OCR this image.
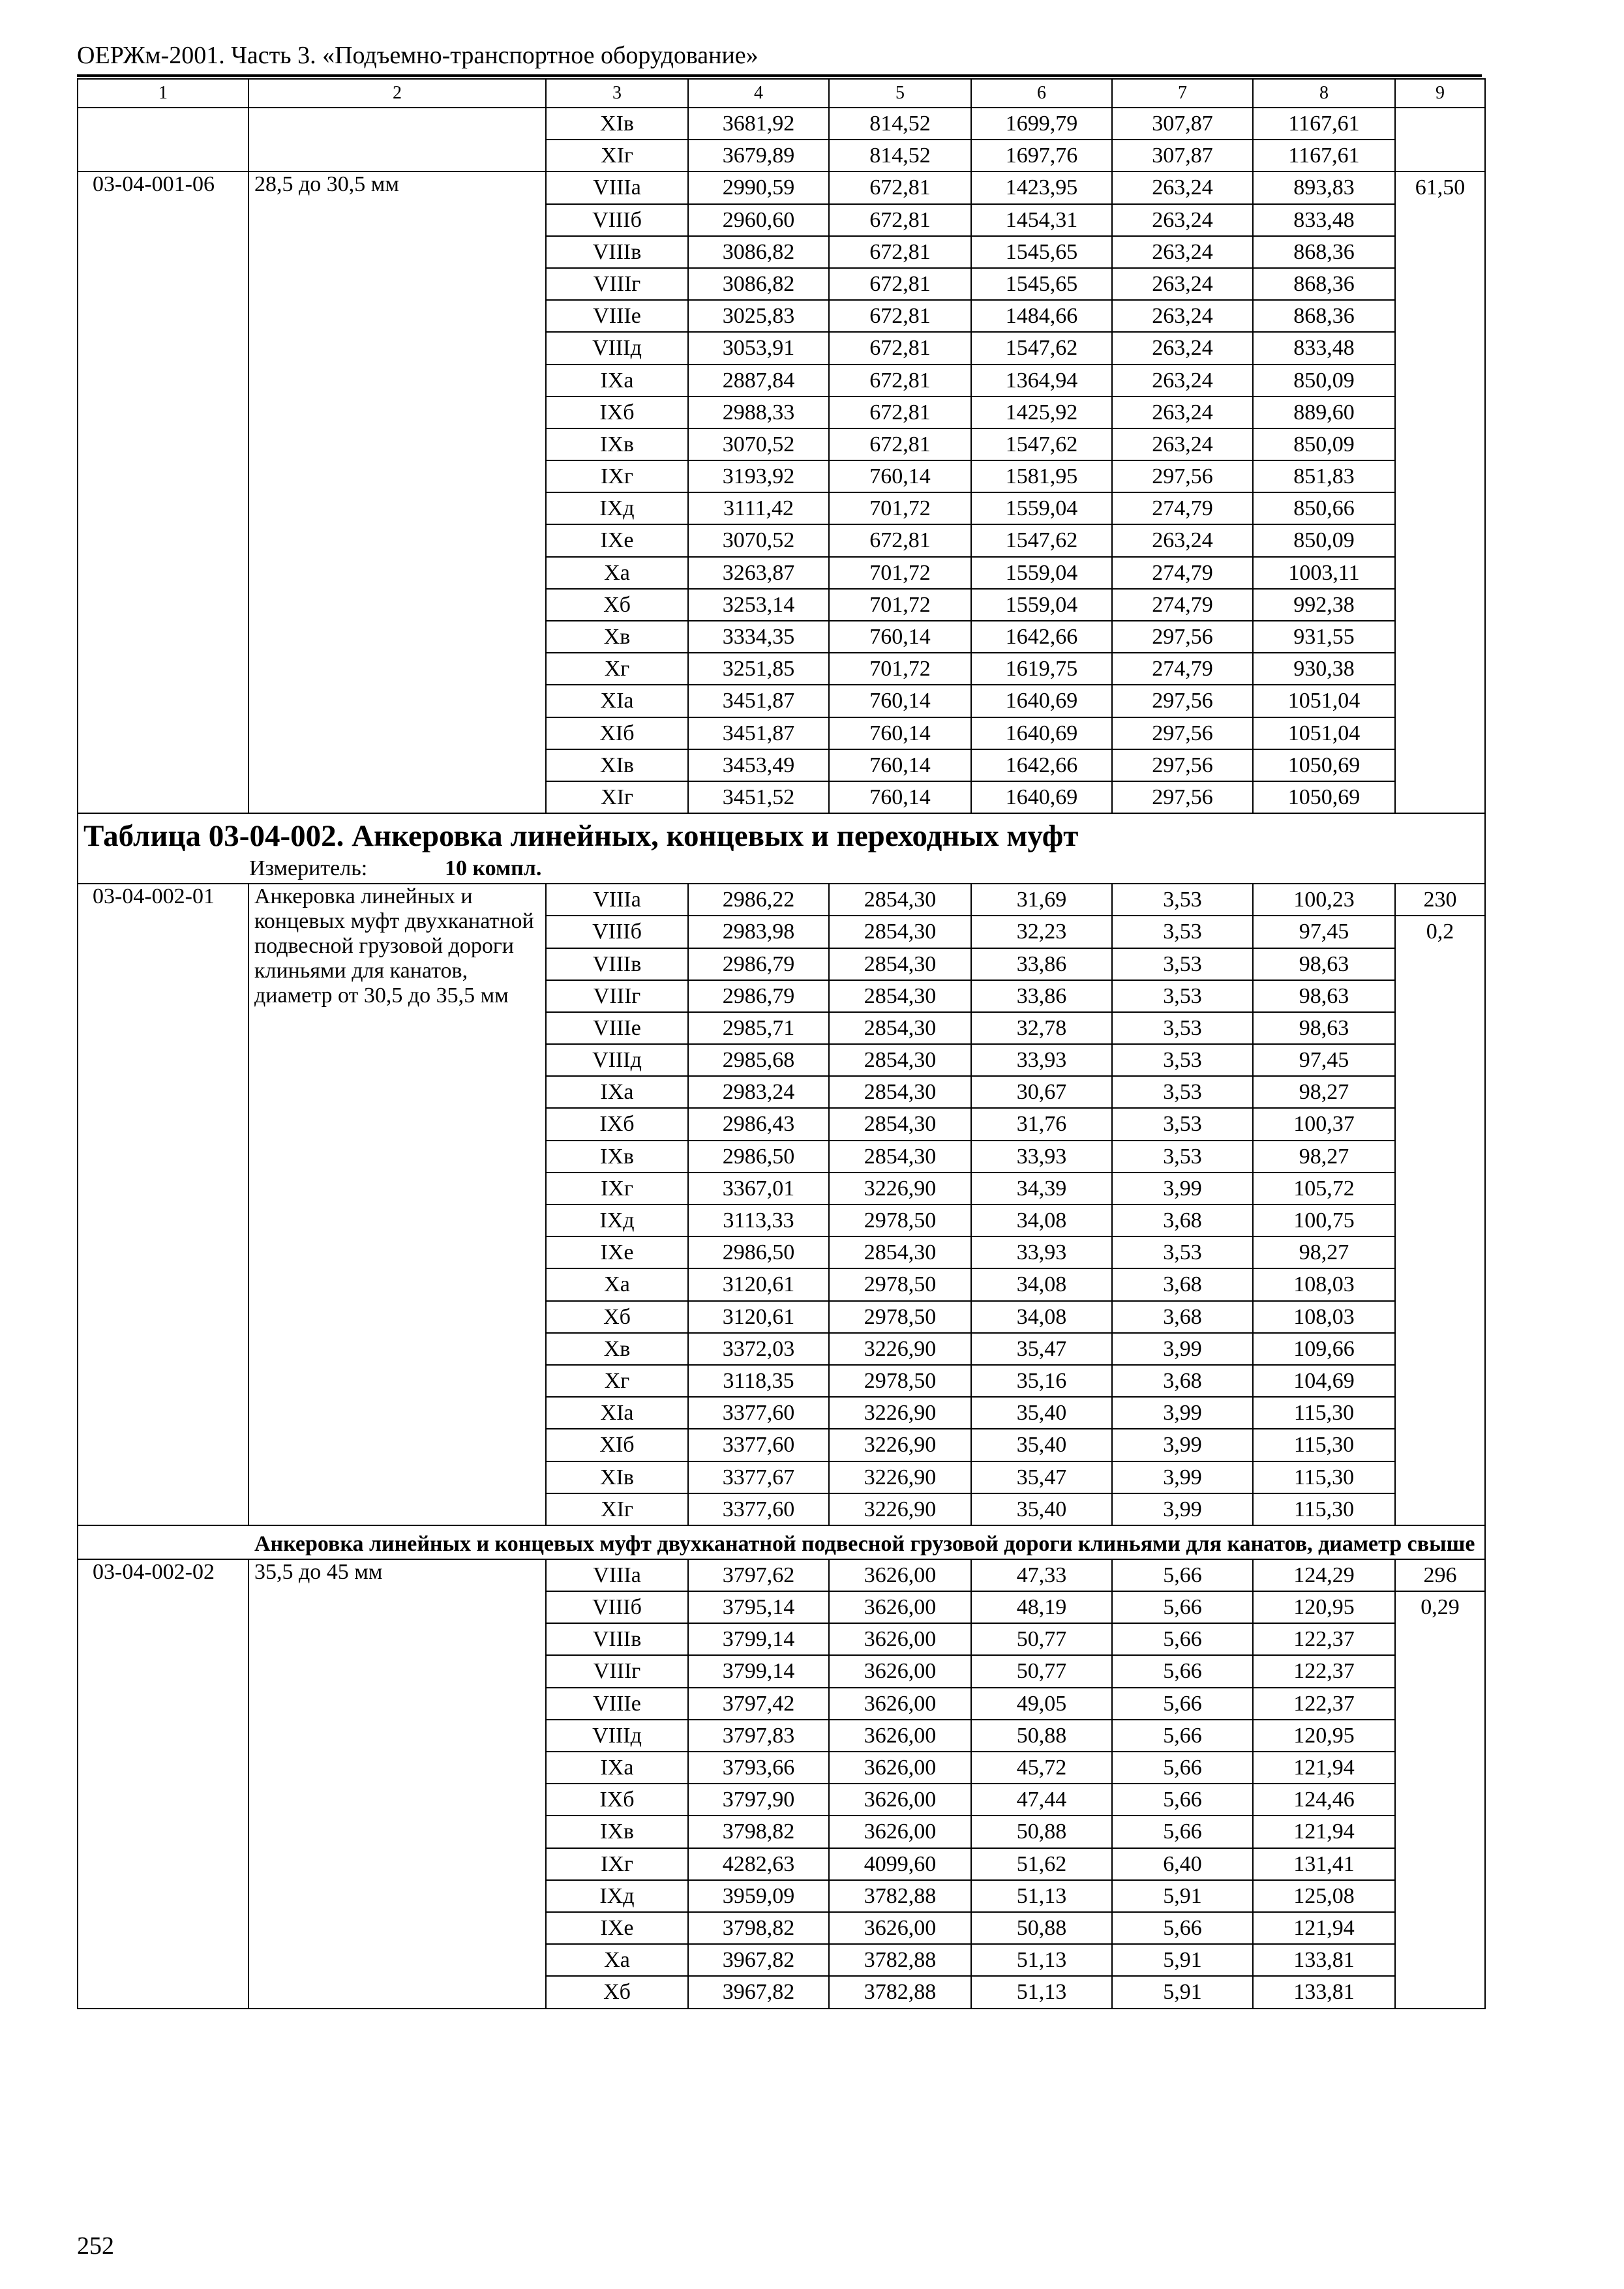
ОЕРЖм-2001. Часть 3. «Подъемно-транспортное оборудование»
1	2	3	4	5	6	7	8	9
		XIв	3681,92	814,52	1699,79	307,87	1167,61	
		XIг	3679,89	814,52	1697,76	307,87	1167,61	
03-04-001-06	28,5 до 30,5 мм	VIIIа	2990,59	672,81	1423,95	263,24	893,83	61,50
		VIIIб	2960,60	672,81	1454,31	263,24	833,48	
		VIIIв	3086,82	672,81	1545,65	263,24	868,36	
		VIIIг	3086,82	672,81	1545,65	263,24	868,36	
		VIIIе	3025,83	672,81	1484,66	263,24	868,36	
		VIIIд	3053,91	672,81	1547,62	263,24	833,48	
		IXа	2887,84	672,81	1364,94	263,24	850,09	
		IXб	2988,33	672,81	1425,92	263,24	889,60	
		IXв	3070,52	672,81	1547,62	263,24	850,09	
		IXг	3193,92	760,14	1581,95	297,56	851,83	
		IXд	3111,42	701,72	1559,04	274,79	850,66	
		IXе	3070,52	672,81	1547,62	263,24	850,09	
		Xа	3263,87	701,72	1559,04	274,79	1003,11	
		Xб	3253,14	701,72	1559,04	274,79	992,38	
		Xв	3334,35	760,14	1642,66	297,56	931,55	
		Xг	3251,85	701,72	1619,75	274,79	930,38	
		XIа	3451,87	760,14	1640,69	297,56	1051,04	
		XIб	3451,87	760,14	1640,69	297,56	1051,04	
		XIв	3453,49	760,14	1642,66	297,56	1050,69	
		XIг	3451,52	760,14	1640,69	297,56	1050,69	

Таблица 03-04-002. Анкеровка линейных, концевых и переходных муфт
Измеритель: 10 компл.								

03-04-002-01	Анкеровка линейных и концевых муфт двухканатной подвесной грузовой дороги клиньями для канатов, диаметр от 30,5 до 35,5 мм	VIIIа	2986,22	2854,30	31,69	3,53	100,23	230
		VIIIб	2983,98	2854,30	32,23	3,53	97,45	0,2
		VIIIв	2986,79	2854,30	33,86	3,53	98,63	
		VIIIг	2986,79	2854,30	33,86	3,53	98,63	
		VIIIе	2985,71	2854,30	32,78	3,53	98,63	
		VIIIд	2985,68	2854,30	33,93	3,53	97,45	
		IXа	2983,24	2854,30	30,67	3,53	98,27	
		IXб	2986,43	2854,30	31,76	3,53	100,37	
		IXв	2986,50	2854,30	33,93	3,53	98,27	
		IXг	3367,01	3226,90	34,39	3,99	105,72	
		IXд	3113,33	2978,50	34,08	3,68	100,75	
		IXе	2986,50	2854,30	33,93	3,53	98,27	
		Xа	3120,61	2978,50	34,08	3,68	108,03	
		Xб	3120,61	2978,50	34,08	3,68	108,03	
		Xв	3372,03	3226,90	35,47	3,99	109,66	
		Xг	3118,35	2978,50	35,16	3,68	104,69	
		XIа	3377,60	3226,90	35,40	3,99	115,30	
		XIб	3377,60	3226,90	35,40	3,99	115,30	
		XIв	3377,67	3226,90	35,47	3,99	115,30	
		XIг	3377,60	3226,90	35,40	3,99	115,30	
Анкеровка линейных и концевых муфт двухканатной подвесной грузовой дороги клиньями для канатов, диаметр свыше								
03-04-002-02	35,5 до 45 мм	VIIIа	3797,62	3626,00	47,33	5,66	124,29	296
		VIIIб	3795,14	3626,00	48,19	5,66	120,95	0,29
		VIIIв	3799,14	3626,00	50,77	5,66	122,37	
		VIIIг	3799,14	3626,00	50,77	5,66	122,37	
		VIIIе	3797,42	3626,00	49,05	5,66	122,37	
		VIIIд	3797,83	3626,00	50,88	5,66	120,95	
		IXа	3793,66	3626,00	45,72	5,66	121,94	
		IXб	3797,90	3626,00	47,44	5,66	124,46	
		IXв	3798,82	3626,00	50,88	5,66	121,94	
		IXг	4282,63	4099,60	51,62	6,40	131,41	
		IXд	3959,09	3782,88	51,13	5,91	125,08	
		IXе	3798,82	3626,00	50,88	5,66	121,94	
		Xа	3967,82	3782,88	51,13	5,91	133,81	
		Xб	3967,82	3782,88	51,13	5,91	133,81	
252
